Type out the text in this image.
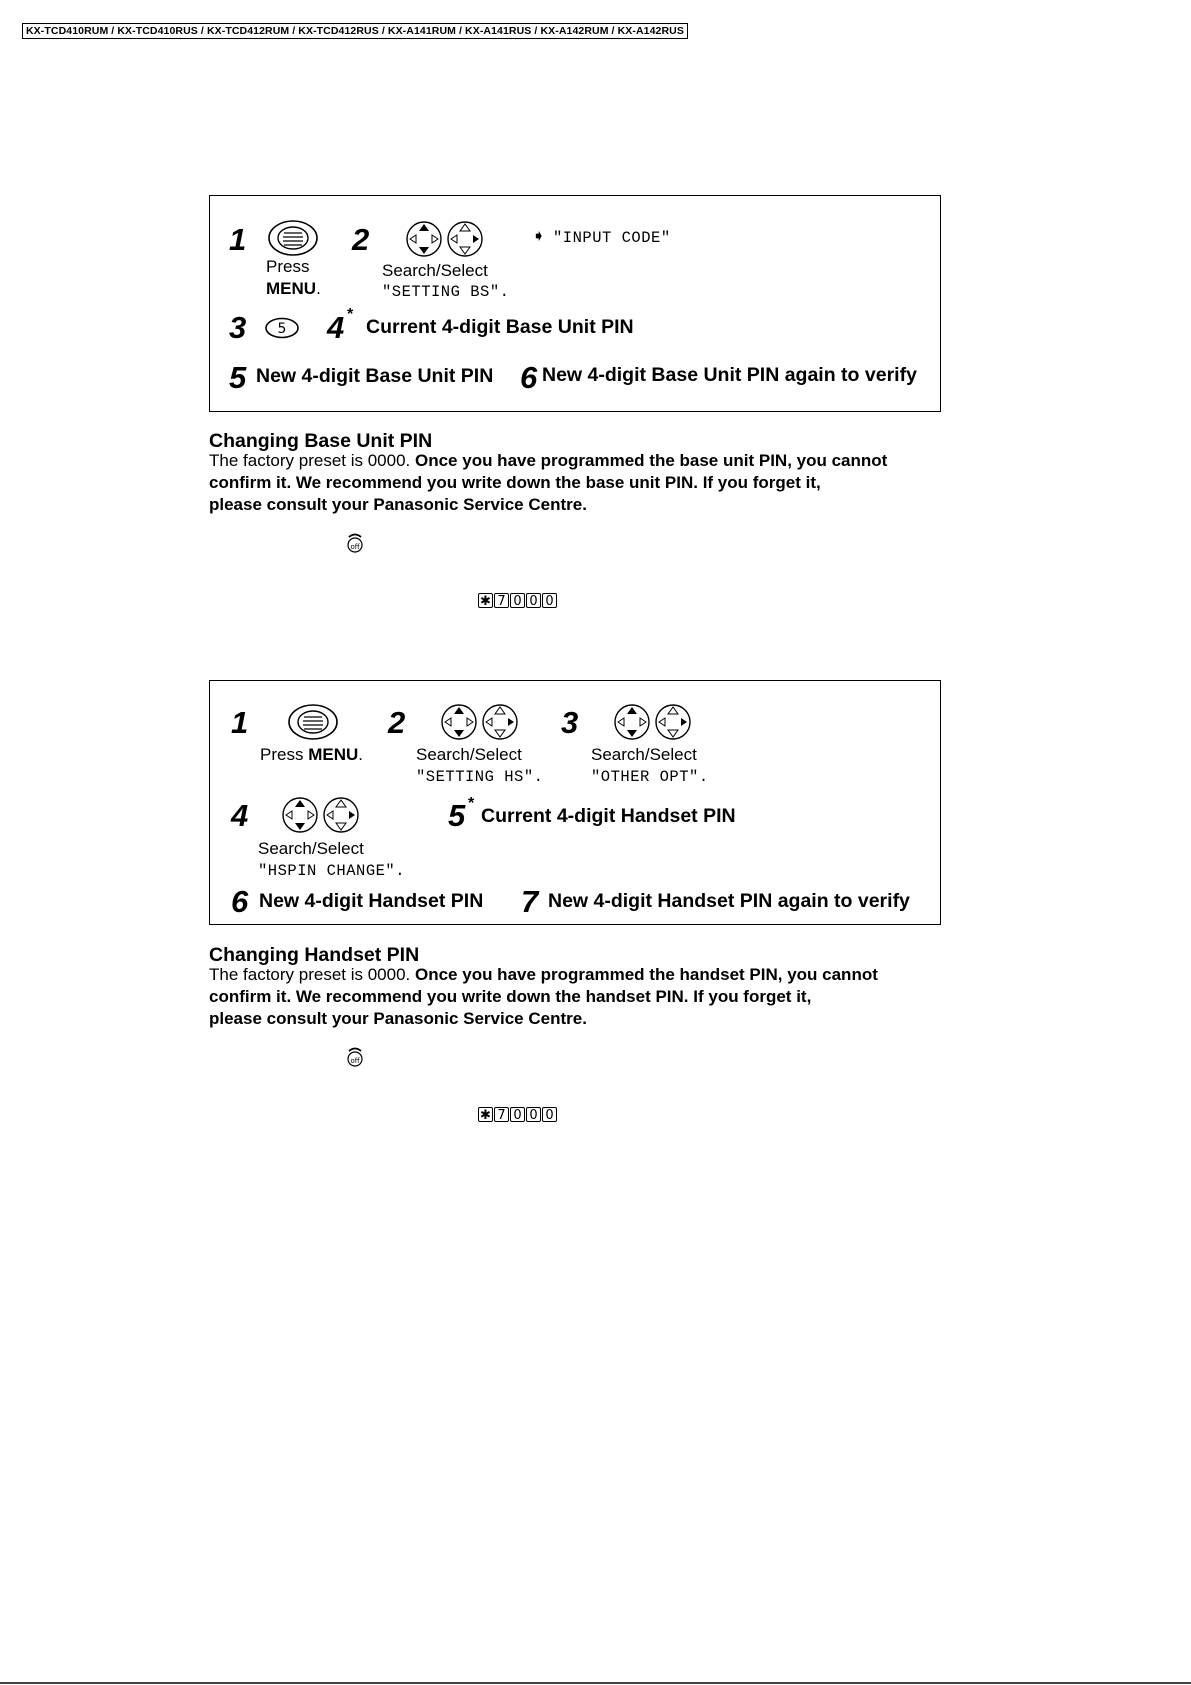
KX-TCD410RUM / KX-TCD410RUS / KX-TCD412RUM / KX-TCD412RUS / KX-A141RUM / KX-A141RUS / KX-A142RUM / KX-A142RUS
1
Press
MENU.
2
Search/Select
"SETTING BS".
➧ "INPUT CODE"
3 5 4 *
Current 4-digit Base Unit PIN
5 New 4-digit Base Unit PIN 6 New 4-digit Base Unit PIN again to verify
Changing Base Unit PIN
The factory preset is 0000. Once you have programmed the base unit PIN, you cannot
confirm it. We recommend you write down the base unit PIN. If you forget it,
please consult your Panasonic Service Centre.
off
✱ 7 0 0 0
1
Press MENU.
2
Search/Select
"SETTING HS".
3
Search/Select
"OTHER OPT".
4
Search/Select
"HSPIN CHANGE".
5 *
Current 4-digit Handset PIN
6 New 4-digit Handset PIN 7 New 4-digit Handset PIN again to verify
Changing Handset PIN
The factory preset is 0000. Once you have programmed the handset PIN, you cannot
confirm it. We recommend you write down the handset PIN. If you forget it,
please consult your Panasonic Service Centre.
off
✱ 7 0 0 0
